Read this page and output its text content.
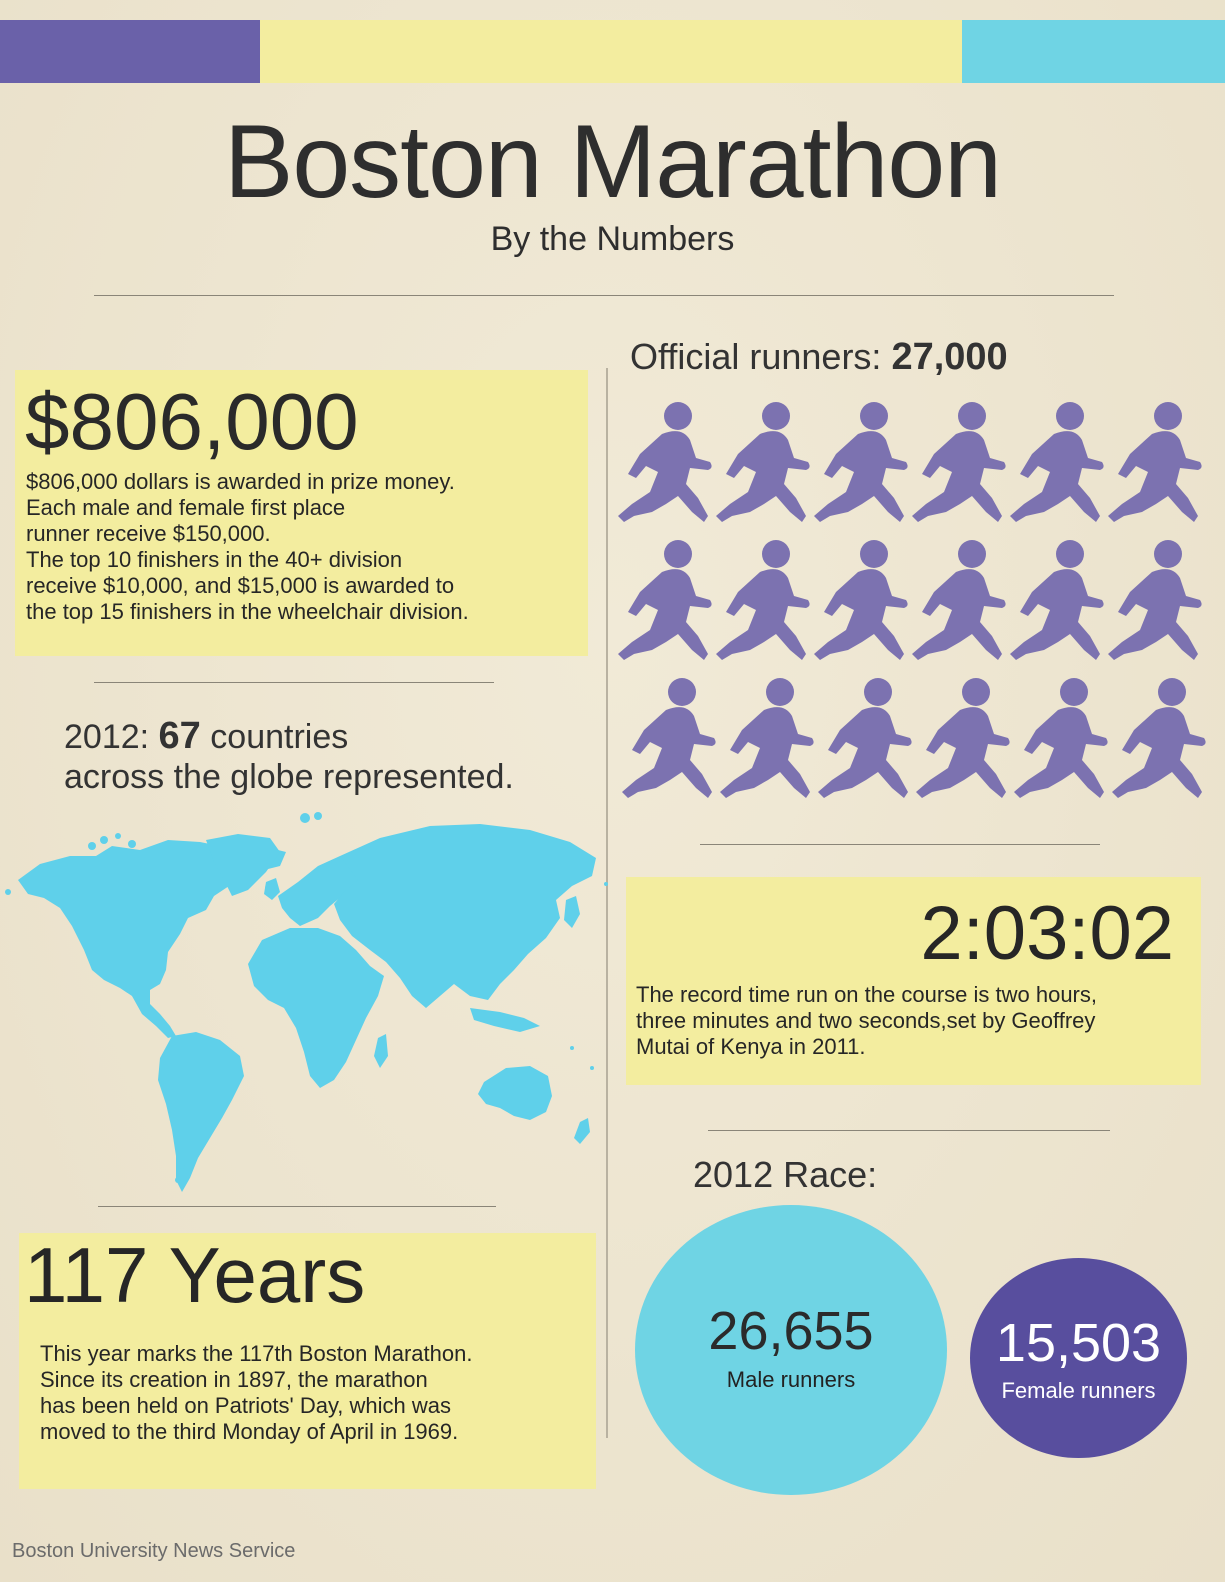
Boston Marathon
By the Numbers
$806,000
$806,000 dollars is awarded in prize money.
Each male and female first place
runner receive $150,000.
The top 10 finishers in the 40+ division
receive $10,000, and $15,000 is awarded to
the top 15 finishers in the wheelchair division.
2012: 67 countries
across the globe represented.
117 Years
This year marks the 117th Boston Marathon.
Since its creation in 1897, the marathon
has been held on Patriots' Day, which was
moved to the third Monday of April in 1969.
Official runners: 27,000
2:03:02
The record time run on the course is two hours,
three minutes and two seconds,set by Geoffrey
Mutai of Kenya in 2011.
2012 Race:
26,655
Male runners
15,503
Female runners
Boston University News Service
